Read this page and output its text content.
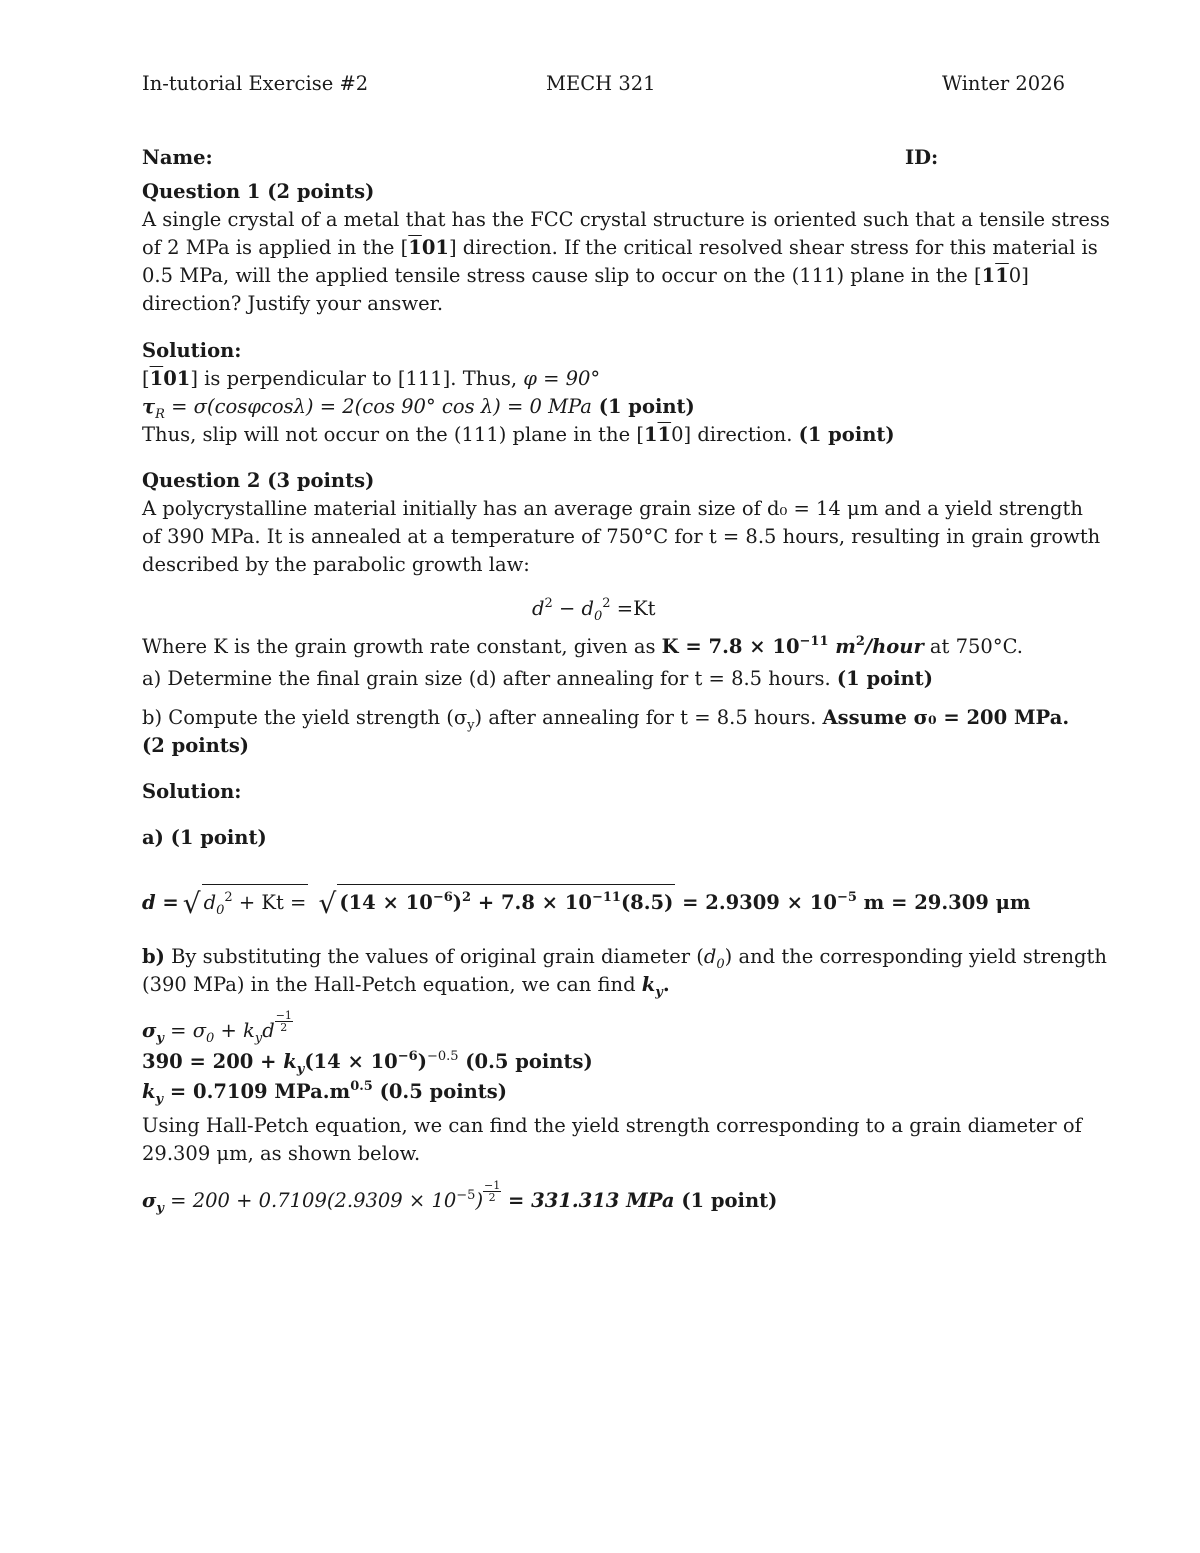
In-tutorial Exercise #2	MECH 321	Winter 2026
Name:	ID:
Question 1 (2 points)
A single crystal of a metal that has the FCC crystal structure is oriented such that a tensile stress
of 2 MPa is applied in the [101] direction. If the critical resolved shear stress for this material is
0.5 MPa, will the applied tensile stress cause slip to occur on the (111) plane in the [110]
direction? Justify your answer.
Solution:
[101] is perpendicular to [111]. Thus, φ = 90°
$\tau_R = \sigma(\cos\varphi\cos\lambda) = 2(\cos$ 90° cos λ) = 0 MPa (1 point)
Thus, slip will not occur on the (111) plane in the [110] direction. (1 point)
Question 2 (3 points)
A polycrystalline material initially has an average grain size of d₀ = 14 μm and a yield strength
of 390 MPa. It is annealed at a temperature of 750°C for t = 8.5 hours, resulting in grain growth
described by the parabolic growth law:
$d^2 - d_0^2 =Kt$
Where K is the grain growth rate constant, given as $K = 7.8 \times 10^{-11}$ $m^2$/hour at 750°C.
a) Determine the final grain size (d) after annealing for t = 8.5 hours. (1 point)
b) Compute the yield strength $(\sigma_y)$ after annealing for t = 8.5 hours. Assume σ₀ = 200 MPa.
(2 points)
Solution:
a) (1 point)
d = √ $d_0^2 + Kt$ = √ $(14 \times 10^{-6})^2 + 7.8 \times 10^{-11}(8.5) = 2.9309 \times 10^{-5}$ m = 29.309 μm
b) By substituting the values of original grain diameter $(d_0)$ and the corresponding yield strength
(390 MPa) in the Hall-Petch equation, we can find $k_y$.
$\sigma_y = \sigma_0 + k_yd \frac{-1}{2}$
$390 = 200 + k_y(14 \times 10^{-6})^{-0.5}$ (0.5 points)
$k_y = 0.7109$ $MPa.m^{0.5}$ (0.5 points)
Using Hall-Petch equation, we can find the yield strength corresponding to a grain diameter of
29.309 μm, as shown below.
$\sigma_y = 200 + 0.7109(2.9309 \times 10^{-5}) \frac{-1}{2} = 331.313$ MPa (1 point)
